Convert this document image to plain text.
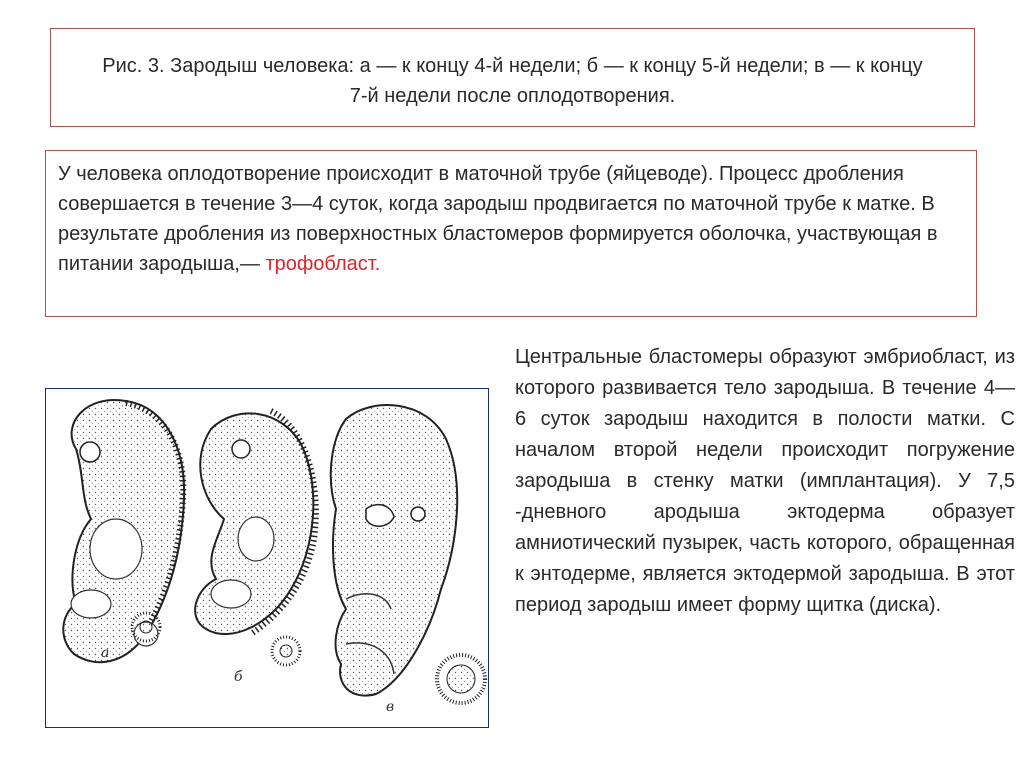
Рис. 3. Зародыш человека: а — к концу 4-й недели; б — к концу 5-й недели; в — к концу 7-й недели после оплодотворения.
У человека оплодотворение происходит в маточной трубе (яйцеводе). Процесс дробления совершается в течение 3—4 суток, когда зародыш продвигается по маточной трубе к матке. В результате дробления из поверхностных бластомеров формируется оболочка, участвующая в питании зародыша,— трофобласт.
Центральные бластомеры образуют эмбриобласт, из которого развивается тело зародыша. В течение 4—6 суток зародыш находится в полости матки. С началом второй недели происходит погружение зародыша в стенку матки (имплантация). У 7,5 -дневного ародыша эктодерма образует амниотический пузырек, часть которого, обращенная к энтодерме, является эктодермой зародыша. В этот период зародыш имеет форму щитка (диска).
а
б
в
